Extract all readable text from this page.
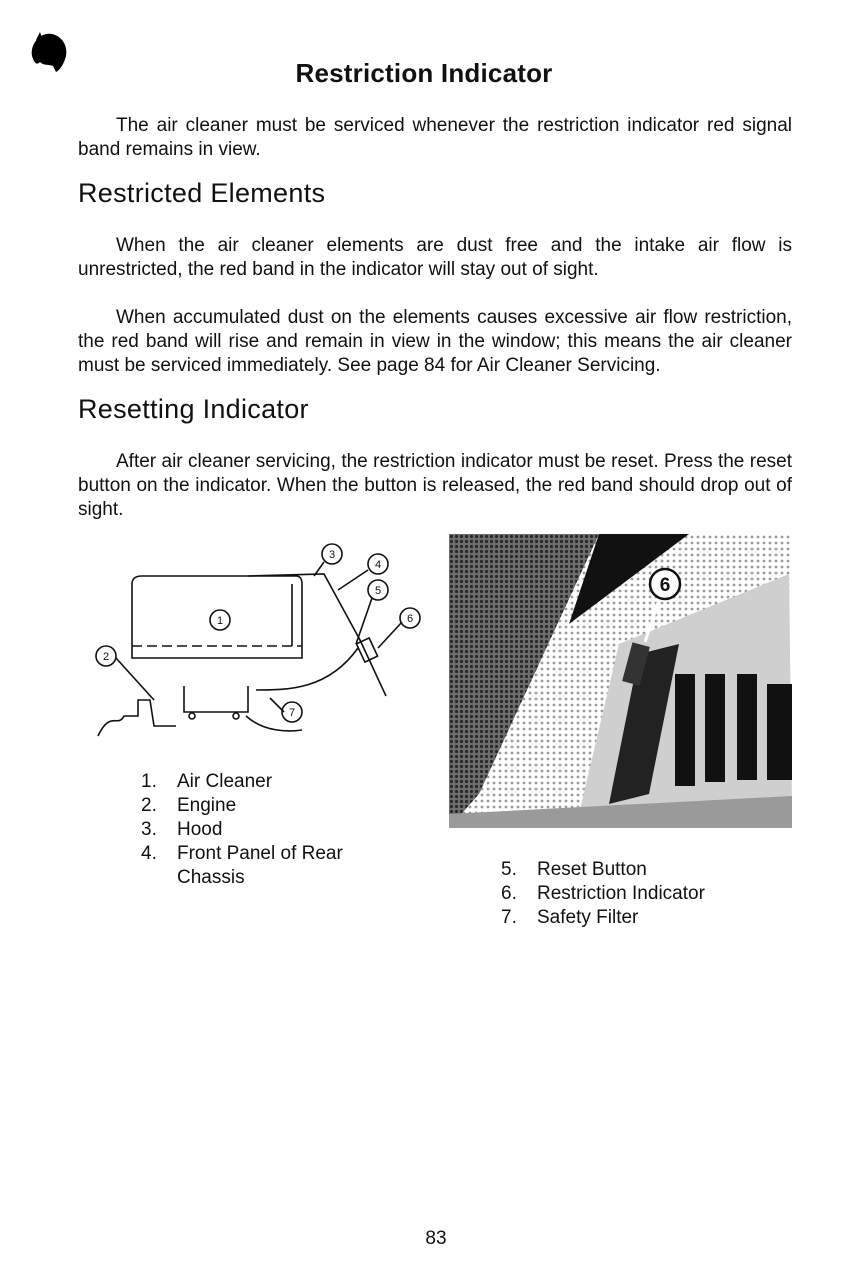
Restriction Indicator

The air cleaner must be serviced whenever the restriction indicator red signal band remains in view.

Restricted Elements

When the air cleaner elements are dust free and the intake air flow is unrestricted, the red band in the indicator will stay out of sight.

When accumulated dust on the elements causes excessive air flow restriction, the red band will rise and remain in view in the window; this means the air cleaner must be serviced immediately. See page 84 for Air Cleaner Servicing.

Resetting Indicator

After air cleaner servicing, the restriction indicator must be reset. Press the reset button on the indicator. When the button is released, the red band should drop out of sight.

1
2
3
4
5
6
7
6
1.	Air Cleaner
2.	Engine
3.	Hood
4.	Front Panel of Rear Chassis	5.	Reset Button
6.	Restriction Indicator
7.	Safety Filter
83
